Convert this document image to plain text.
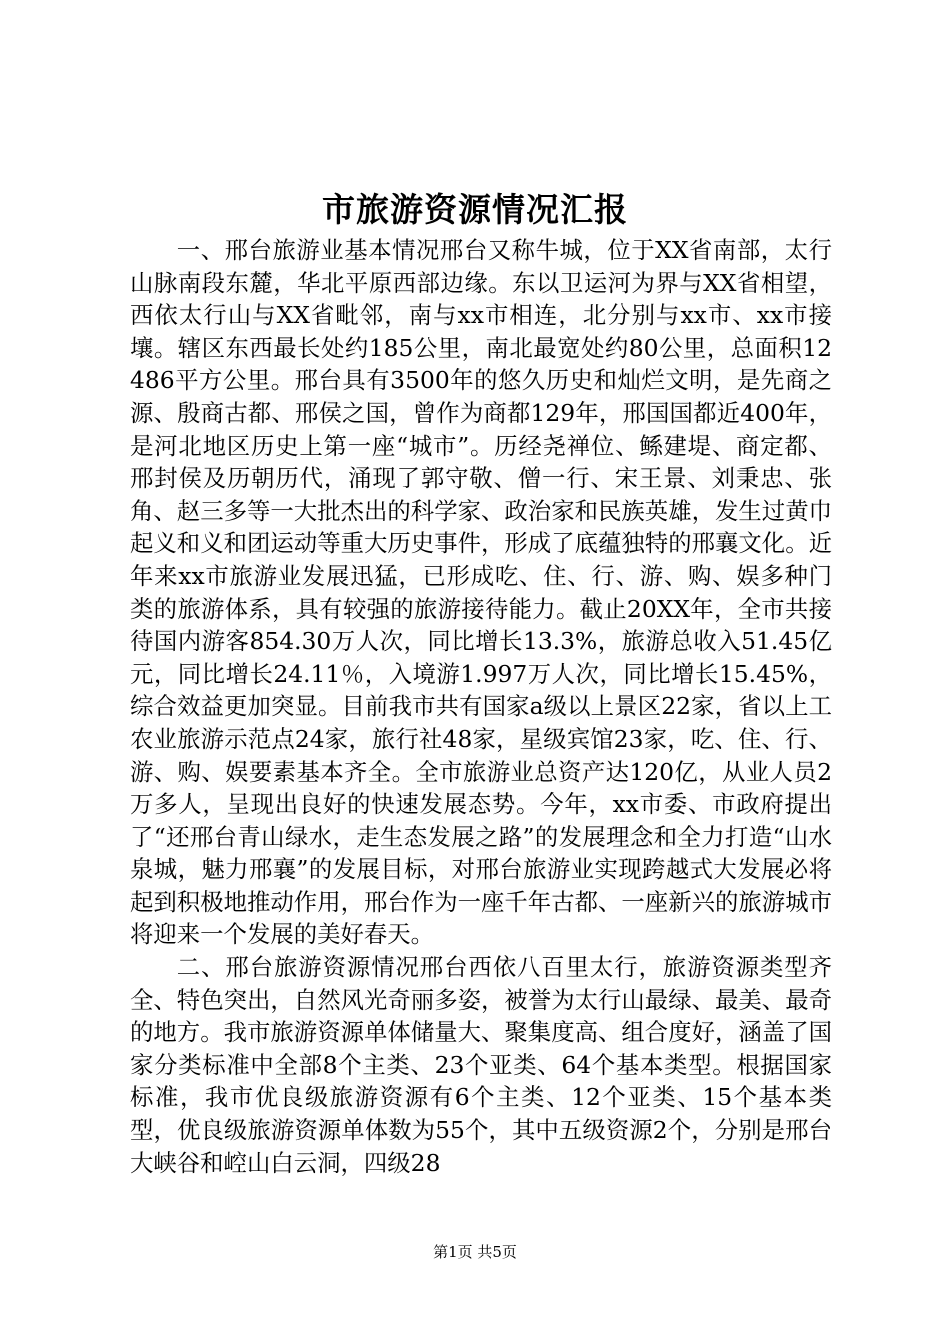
市旅游资源情况汇报

一、邢台旅游业基本情况邢台又称牛城，位于XX省南部，太行山脉南段东麓，华北平原西部边缘。东以卫运河为界与XX省相望，西依太行山与XX省毗邻，南与xx市相连，北分别与xx市、xx市接壤。辖区东西最长处约185公里，南北最宽处约80公里，总面积12486平方公里。邢台具有3500年的悠久历史和灿烂文明，是先商之源、殷商古都、邢侯之国，曾作为商都129年，邢国国都近400年，是河北地区历史上第一座“城市”。历经尧禅位、鲧建堤、商定都、邢封侯及历朝历代，涌现了郭守敬、僧一行、宋王景、刘秉忠、张角、赵三多等一大批杰出的科学家、政治家和民族英雄，发生过黄巾起义和义和团运动等重大历史事件，形成了底蕴独特的邢襄文化。近年来xx市旅游业发展迅猛，已形成吃、住、行、游、购、娱多种门类的旅游体系，具有较强的旅游接待能力。截止20XX年，全市共接待国内游客854.30万人次，同比增长13.3%，旅游总收入51.45亿元，同比增长24.11％，入境游1.997万人次，同比增长15.45%，综合效益更加突显。目前我市共有国家a级以上景区22家，省以上工农业旅游示范点24家，旅行社48家，星级宾馆23家，吃、住、行、游、购、娱要素基本齐全。全市旅游业总资产达120亿，从业人员2万多人，呈现出良好的快速发展态势。今年，xx市委、市政府提出了“还邢台青山绿水，走生态发展之路”的发展理念和全力打造“山水泉城，魅力邢襄”的发展目标，对邢台旅游业实现跨越式大发展必将起到积极地推动作用，邢台作为一座千年古都、一座新兴的旅游城市将迎来一个发展的美好春天。

二、邢台旅游资源情况邢台西依八百里太行，旅游资源类型齐全、特色突出，自然风光奇丽多姿，被誉为太行山最绿、最美、最奇的地方。我市旅游资源单体储量大、聚集度高、组合度好，涵盖了国家分类标准中全部8个主类、23个亚类、64个基本类型。根据国家标准，我市优良级旅游资源有6个主类、12个亚类、15个基本类型，优良级旅游资源单体数为55个，其中五级资源2个，分别是邢台大峡谷和崆山白云洞，四级28

第1页 共5页
